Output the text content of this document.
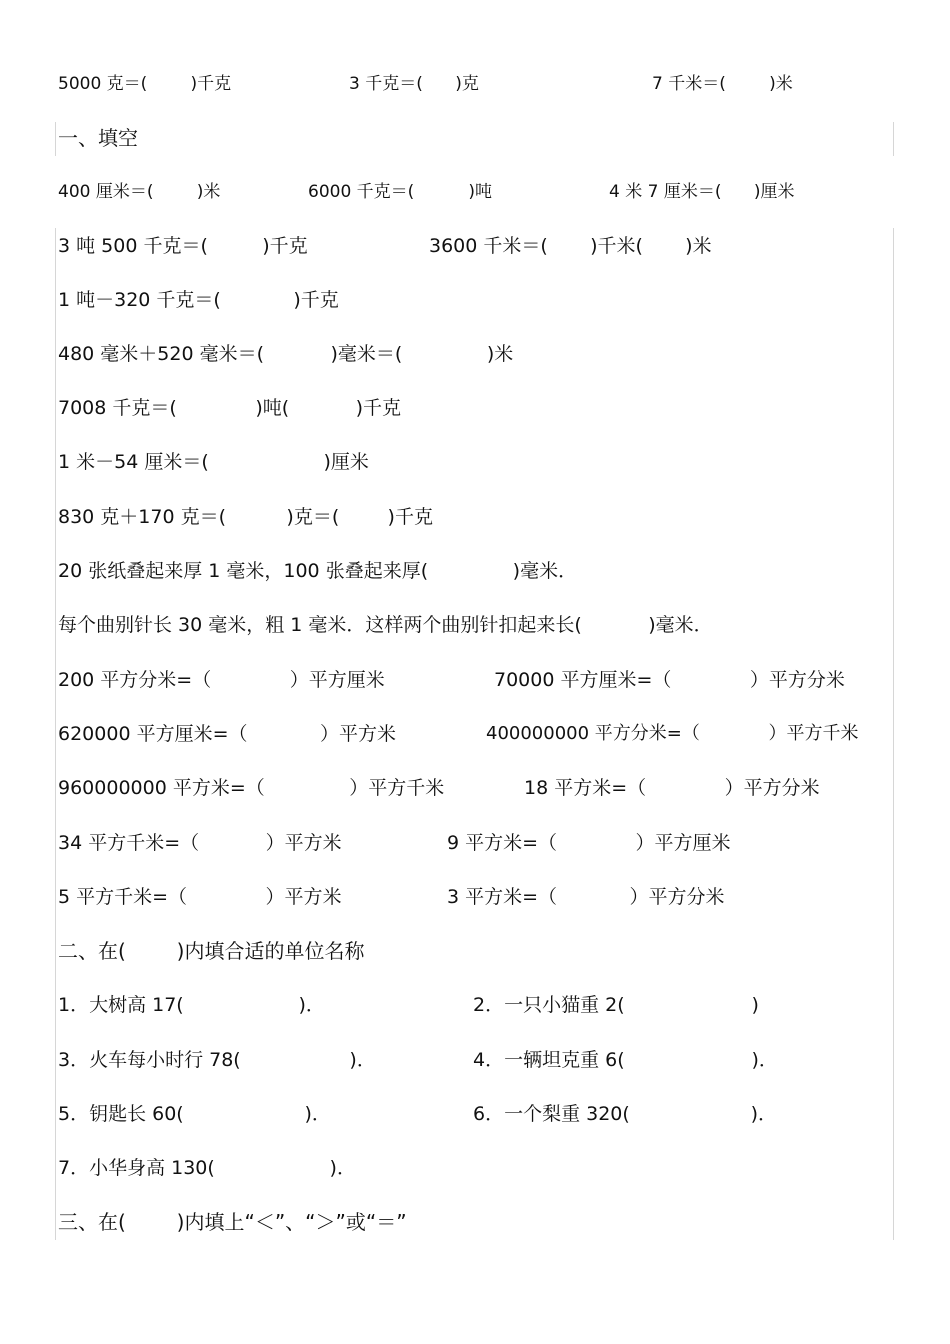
5000 克＝(        )千克	3 千克＝(      )克	7 千米＝(        )米
一、填空
400 厘米＝(        )米	6000 千克＝(          )吨	4 米 7 厘米＝(      )厘米
3 吨 500 千克＝(         )千克	3600 千米＝(       )千米(       )米
1 吨－320 千克＝(            )千克
480 毫米＋520 毫米＝(           )毫米＝(              )米
7008 千克＝(             )吨(           )千克
1 米－54 厘米＝(                   )厘米
830 克＋170 克＝(          )克＝(        )千克
20 张纸叠起来厚 1 毫米，100 张叠起来厚(              )毫米．
每个曲别针长 30 毫米，粗 1 毫米．这样两个曲别针扣起来长(           )毫米．
200 平方分米=（             ）平方厘米	70000 平方厘米=（             ）平方分米
620000 平方厘米=（            ）平方米	400000000 平方分米=（            ）平方千米
960000000 平方米=（              ）平方千米	18 平方米=（             ）平方分米
34 平方千米=（           ）平方米	9 平方米=（             ）平方厘米
5 平方千米=（             ）平方米	3 平方米=（            ）平方分米
二、在(        )内填合适的单位名称
1．大树高 17(                   )．	2．一只小猫重 2(                     )
3．火车每小时行 78(                  )．	4．一辆坦克重 6(                     )．
5．钥匙长 60(                    )．	6．一个梨重 320(                    )．
7．小华身高 130(                   )．
三、在(        )内填上“＜”、“＞”或“＝”
